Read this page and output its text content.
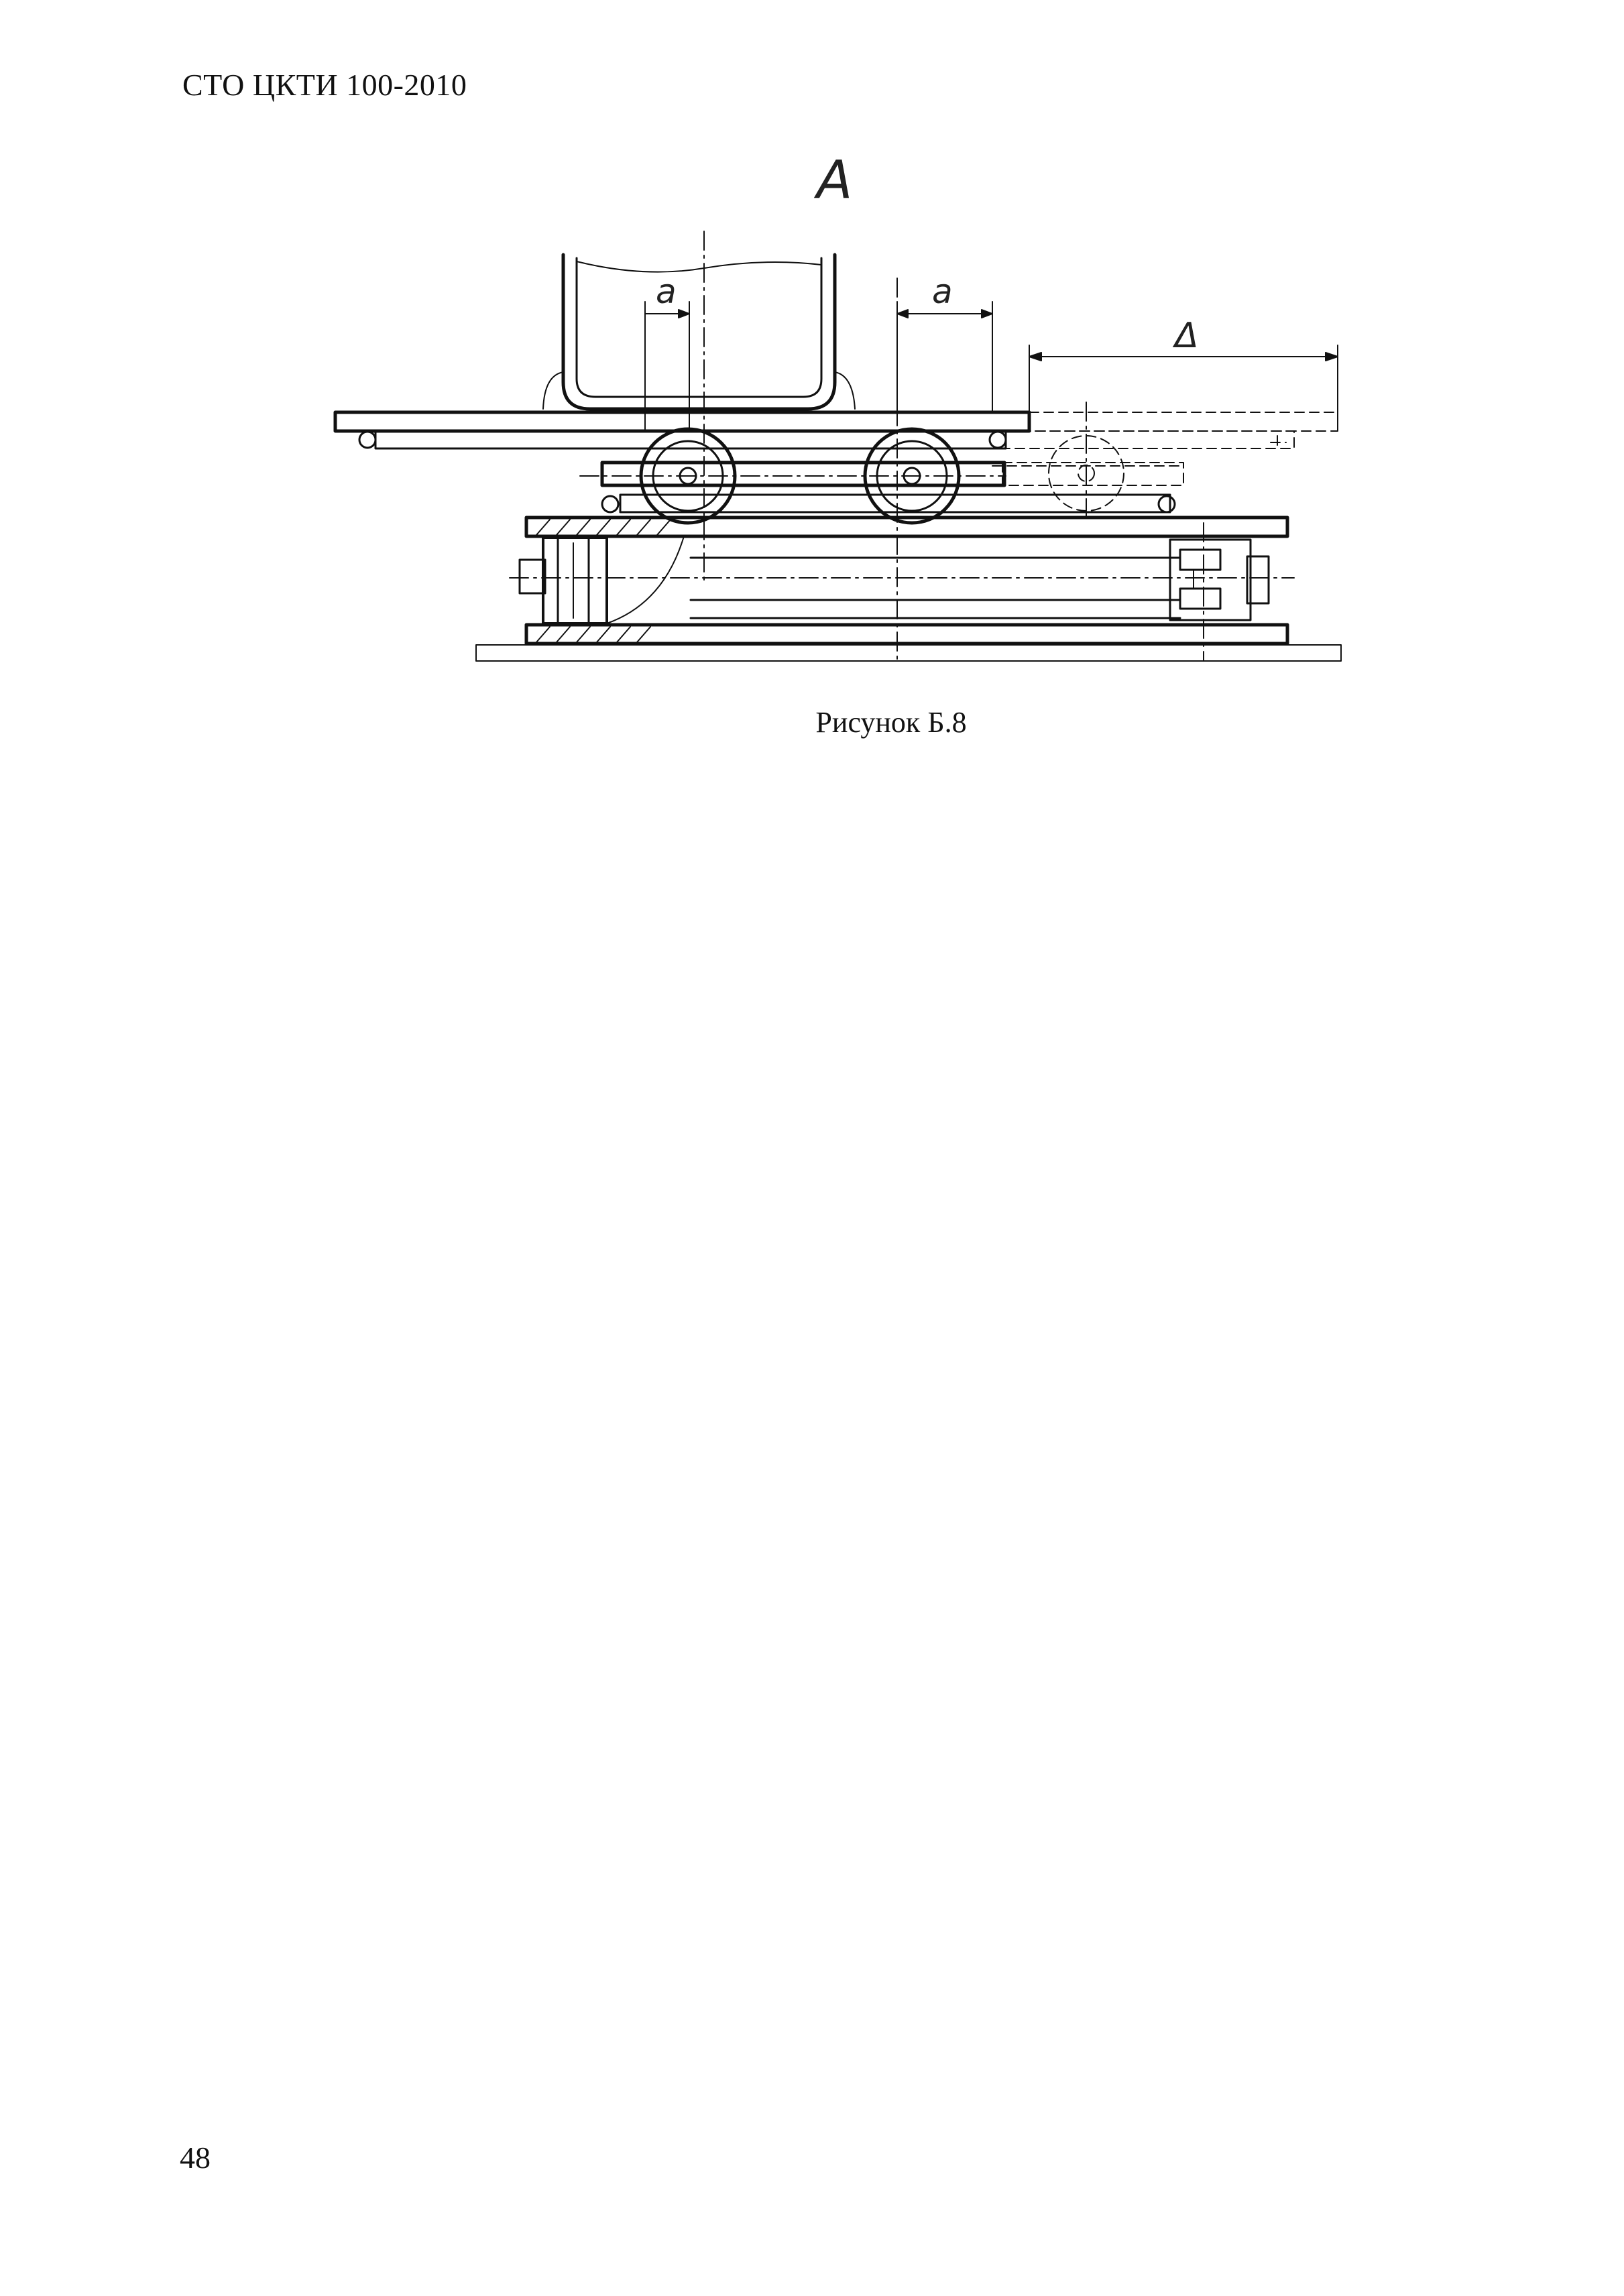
СТО ЦКТИ 100-2010
А
а	а
Δ
Рисунок Б.8
48
